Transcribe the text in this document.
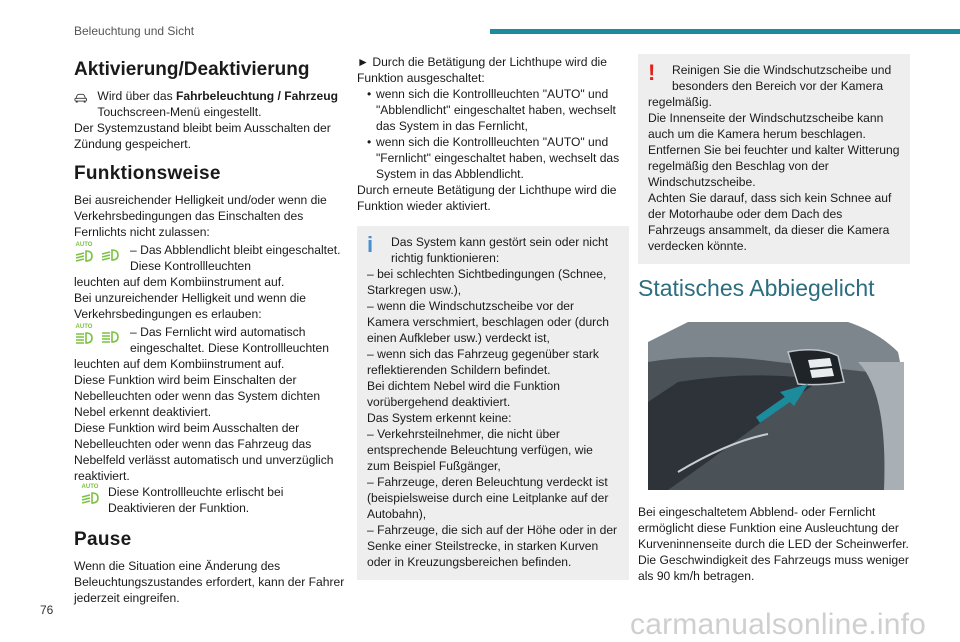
Beleuchtung und Sicht
Aktivierung/Deaktivierung

Wird über das Fahrbeleuchtung / Fahrzeug Touchscreen-Menü eingestellt.

Der Systemzustand bleibt beim Ausschalten der Zündung gespeichert.

Funktionsweise

Bei ausreichender Helligkeit und/oder wenn die Verkehrsbedingungen das Einschalten des Fernlichts nicht zulassen:

AUTO	– Das Abblendlicht bleibt eingeschaltet. Diese Kontrollleuchten

leuchten auf dem Kombiinstrument auf.

Bei unzureichender Helligkeit und wenn die Verkehrsbedingungen es erlauben:

AUTO	– Das Fernlicht wird automatisch eingeschaltet. Diese Kontrollleuchten

leuchten auf dem Kombiinstrument auf.

Diese Funktion wird beim Einschalten der Nebelleuchten oder wenn das System dichten Nebel erkennt deaktiviert.

Diese Funktion wird beim Ausschalten der Nebelleuchten oder wenn das Fahrzeug das Nebelfeld verlässt automatisch und unverzüglich reaktiviert.

AUTO Diese Kontrollleuchte erlischt bei Deaktivieren der Funktion.

Pause

Wenn die Situation eine Änderung des Beleuchtungszustandes erfordert, kann der Fahrer jederzeit eingreifen.

► Durch die Betätigung der Lichthupe wird die Funktion ausgeschaltet:

• wenn sich die Kontrollleuchten "AUTO" und "Abblendlicht" eingeschaltet haben, wechselt das System in das Fernlicht,
• wenn sich die Kontrollleuchten "AUTO" und "Fernlicht" eingeschaltet haben, wechselt das System in das Abblendlicht.

Durch erneute Betätigung der Lichthupe wird die Funktion wieder aktiviert.

i	Das System kann gestört sein oder nicht richtig funktionieren:

– bei schlechten Sichtbedingungen (Schnee, Starkregen usw.),

– wenn die Windschutzscheibe vor der Kamera verschmiert, beschlagen oder (durch einen Aufkleber usw.) verdeckt ist,

– wenn sich das Fahrzeug gegenüber stark reflektierenden Schildern befindet.

Bei dichtem Nebel wird die Funktion vorübergehend deaktiviert.

Das System erkennt keine:

– Verkehrsteilnehmer, die nicht über entsprechende Beleuchtung verfügen, wie zum Beispiel Fußgänger,

– Fahrzeuge, deren Beleuchtung verdeckt ist (beispielsweise durch eine Leitplanke auf der Autobahn),

– Fahrzeuge, die sich auf der Höhe oder in der Senke einer Steilstrecke, in starken Kurven oder in Kreuzungsbereichen befinden.

!	Reinigen Sie die Windschutzscheibe und besonders den Bereich vor der Kamera regelmäßig.

Die Innenseite der Windschutzscheibe kann auch um die Kamera herum beschlagen.

Entfernen Sie bei feuchter und kalter Witterung regelmäßig den Beschlag von der Windschutzscheibe.

Achten Sie darauf, dass sich kein Schnee auf der Motorhaube oder dem Dach des Fahrzeugs ansammelt, da dieser die Kamera verdecken könnte.

Statisches Abbiegelicht

Bei eingeschaltetem Abblend- oder Fernlicht ermöglicht diese Funktion eine Ausleuchtung der Kurveninnenseite durch die LED der Scheinwerfer. Die Geschwindigkeit des Fahrzeugs muss weniger als 90 km/h betragen.

76	carmanualsonline.info
